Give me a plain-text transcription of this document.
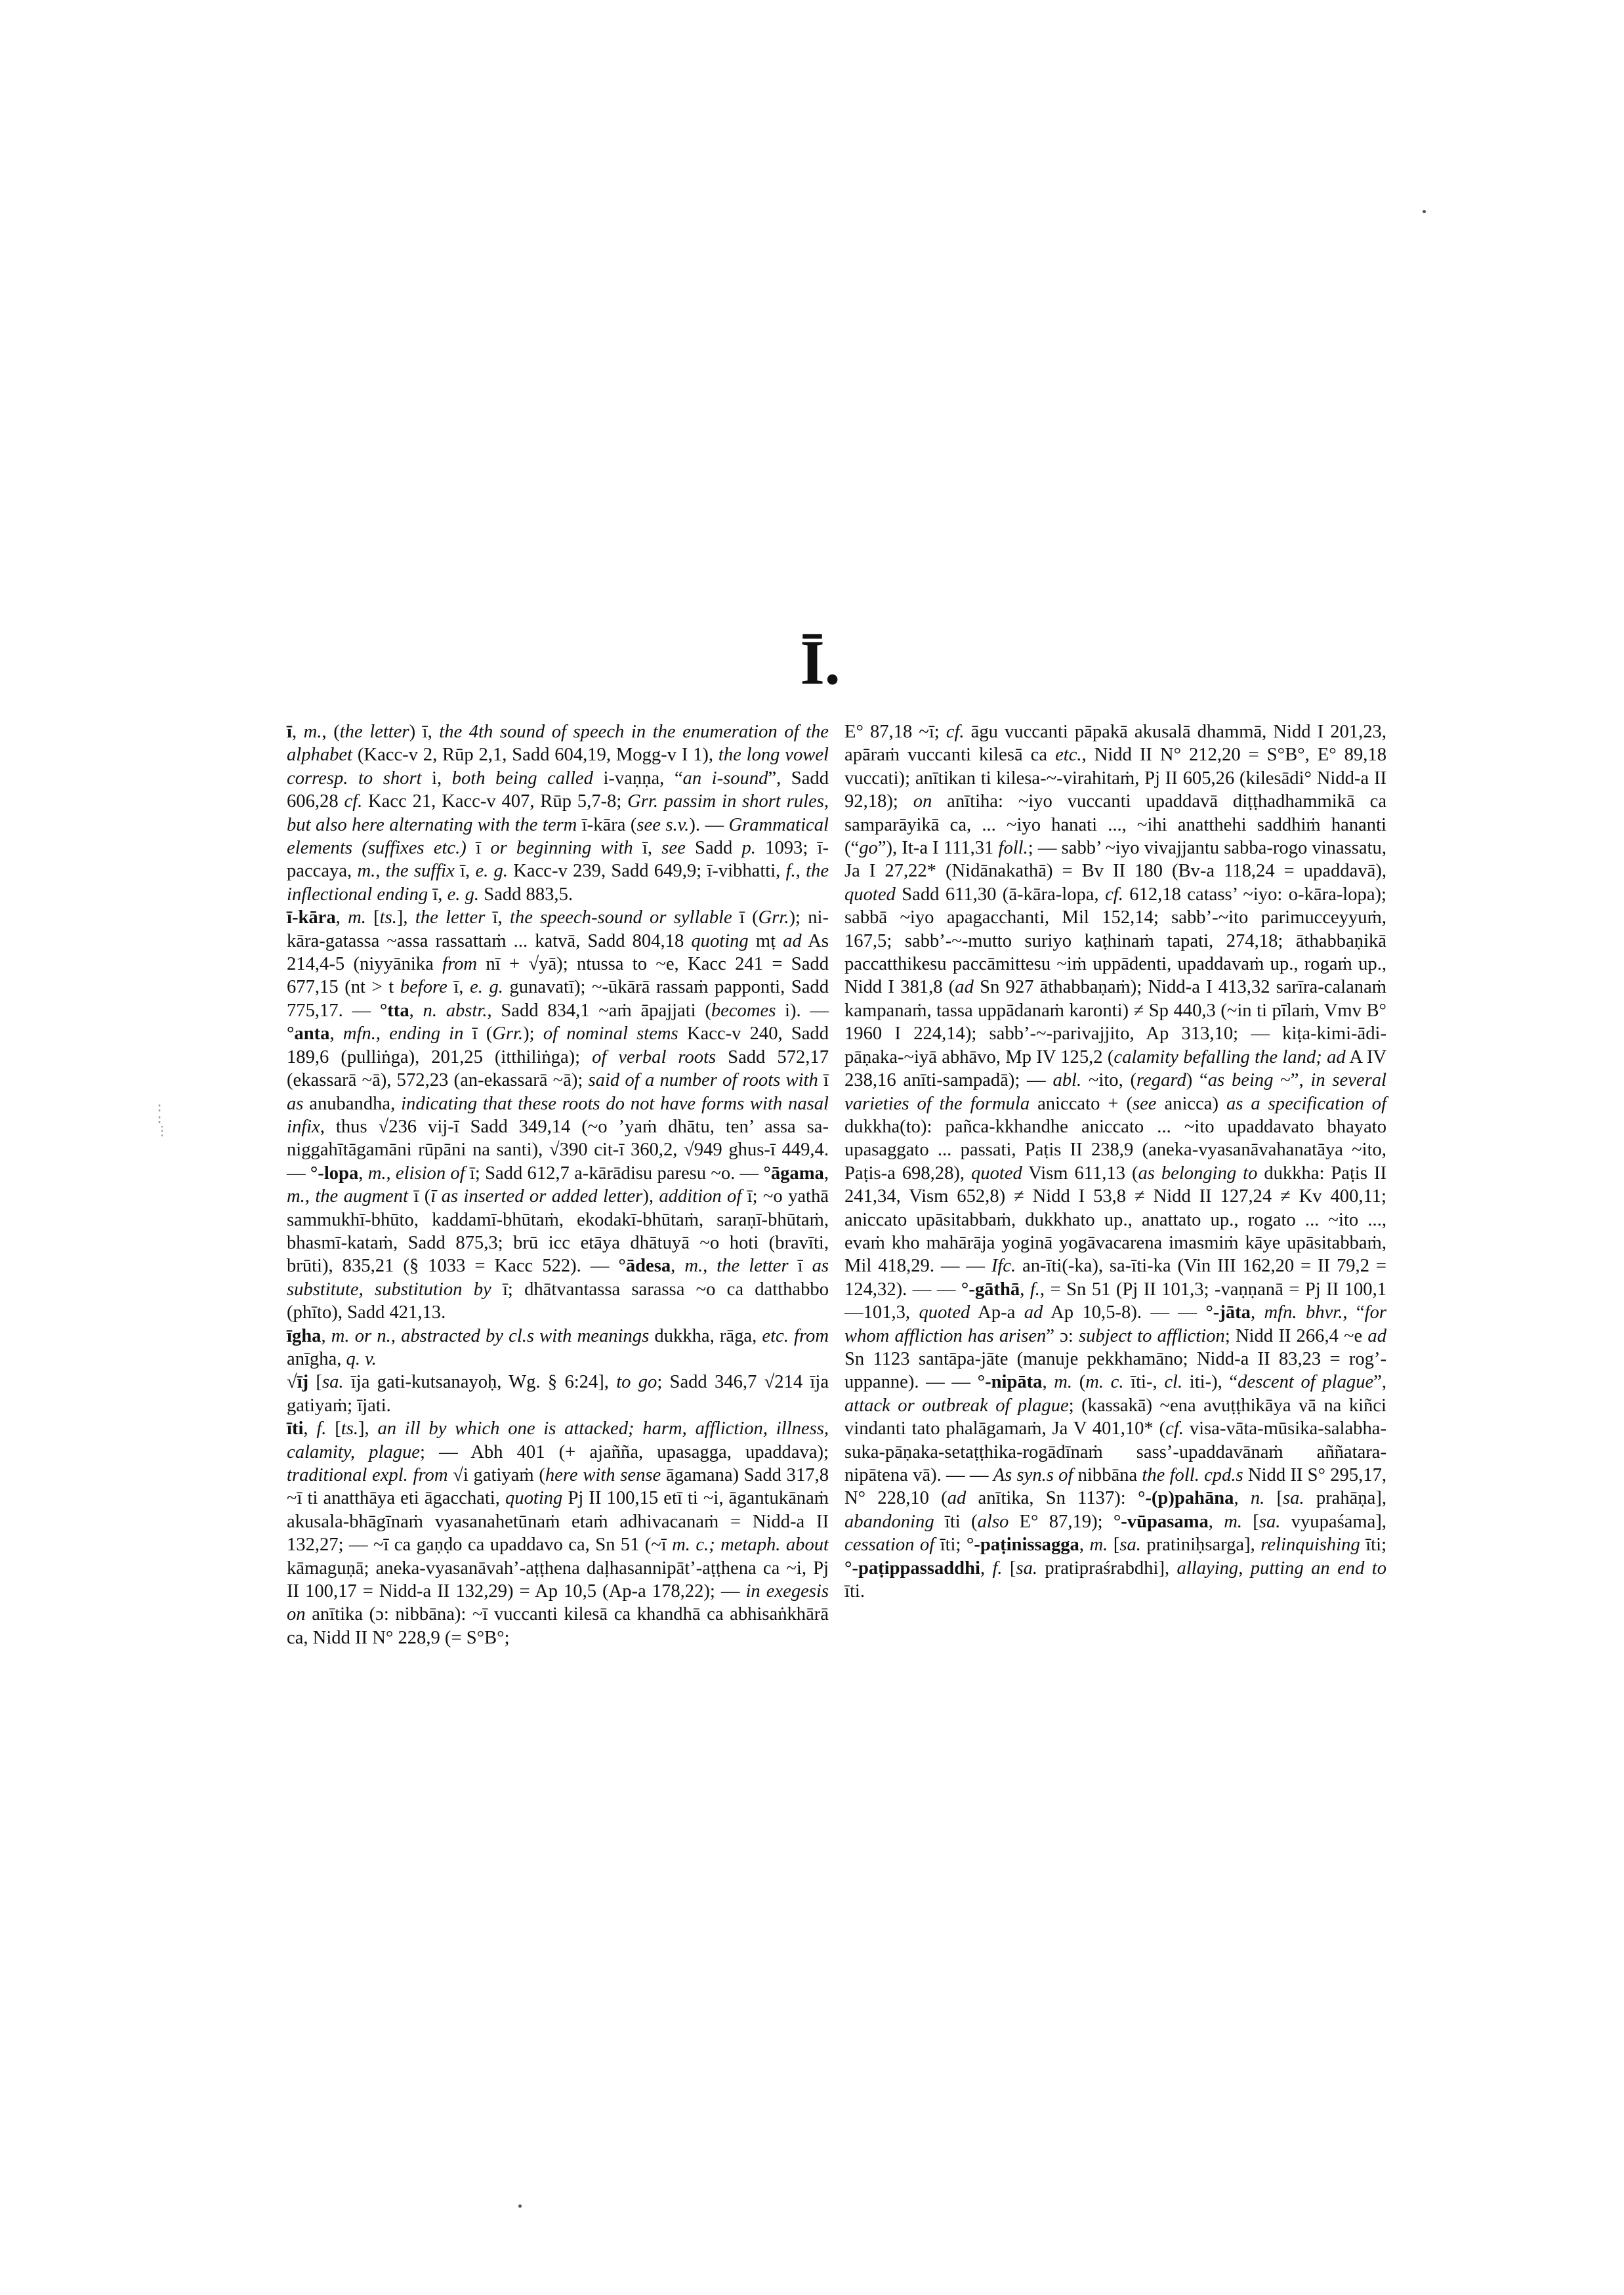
Ī.

ī, m., (the letter) ī, the 4th sound of speech in the enumeration of the alphabet (Kacc-v 2, Rūp 2,1, Sadd 604,19, Mogg-v I 1), the long vowel corresp. to short i, both being called i-vaṇṇa, “an i-sound”, Sadd 606,28 cf. Kacc 21, Kacc-v 407, Rūp 5,7-8; Grr. passim in short rules, but also here alternating with the term ī-kāra (see s.v.). — Grammatical elements (suffixes etc.) ī or beginning with ī, see Sadd p. 1093; ī-paccaya, m., the suffix ī, e. g. Kacc-v 239, Sadd 649,9; ī-vibhatti, f., the inflectional ending ī, e. g. Sadd 883,5.

ī-kāra, m. [ts.], the letter ī, the speech-sound or syllable ī (Grr.); ni-kāra-gatassa ~assa rassattaṁ ... katvā, Sadd 804,18 quoting mṭ ad As 214,4-5 (niyyānika from nī + √yā); ntussa to ~e, Kacc 241 = Sadd 677,15 (nt > t before ī, e. g. gunavatī); ~-ūkārā rassaṁ papponti, Sadd 775,17. — °tta, n. abstr., Sadd 834,1 ~aṁ āpajjati (becomes i). — °anta, mfn., ending in ī (Grr.); of nominal stems Kacc-v 240, Sadd 189,6 (pulliṅga), 201,25 (itthiliṅga); of verbal roots Sadd 572,17 (ekassarā ~ā), 572,23 (an-ekassarā ~ā); said of a number of roots with ī as anubandha, indicating that these roots do not have forms with nasal infix, thus √236 vij-ī Sadd 349,14 (~o ’yaṁ dhātu, ten’ assa sa-niggahītāgamāni rūpāni na santi), √390 cit-ī 360,2, √949 ghus-ī 449,4. — °-lopa, m., elision of ī; Sadd 612,7 a-kārādisu paresu ~o. — °āgama, m., the augment ī (ī as inserted or added letter), addition of ī; ~o yathā sammukhī-bhūto, kaddamī-bhūtaṁ, ekodakī-bhūtaṁ, saraṇī-bhūtaṁ, bhasmī-kataṁ, Sadd 875,3; brū icc etāya dhātuyā ~o hoti (bravīti, brūti), 835,21 (§ 1033 = Kacc 522). — °ādesa, m., the letter ī as substitute, substitution by ī; dhātvantassa sarassa ~o ca datthabbo (phīto), Sadd 421,13.

īgha, m. or n., abstracted by cl.s with meanings dukkha, rāga, etc. from anīgha, q. v.

√īj [sa. īja gati-kutsanayoḥ, Wg. § 6:24], to go; Sadd 346,7 √214 īja gatiyaṁ; ījati.

īti, f. [ts.], an ill by which one is attacked; harm, affliction, illness, calamity, plague; — Abh 401 (+ ajañña, upasagga, upaddava); traditional expl. from √i gatiyaṁ (here with sense āgamana) Sadd 317,8 ~ī ti anatthāya eti āgacchati, quoting Pj II 100,15 etī ti ~i, āgantukānaṁ akusala-bhāgīnaṁ vyasanahetūnaṁ etaṁ adhivacanaṁ = Nidd-a II 132,27; — ~ī ca gaṇḍo ca upaddavo ca, Sn 51 (~ī m. c.; metaph. about kāmaguṇā; aneka-vyasanāvah’-aṭṭhena daḷhasannipāt’-aṭṭhena ca ~i, Pj II 100,17 = Nidd-a II 132,29) = Ap 10,5 (Ap-a 178,22); — in exegesis on anītika (ɔ: nibbāna): ~ī vuccanti kilesā ca khandhā ca abhisaṅkhārā ca, Nidd II N° 228,9 (= S°B°;

E° 87,18 ~ī; cf. āgu vuccanti pāpakā akusalā dhammā, Nidd I 201,23, apāraṁ vuccanti kilesā ca etc., Nidd II N° 212,20 = S°B°, E° 89,18 vuccati); anītikan ti kilesa-~-virahitaṁ, Pj II 605,26 (kilesādi° Nidd-a II 92,18); on anītiha: ~iyo vuccanti upaddavā diṭṭhadhammikā ca samparāyikā ca, ... ~iyo hanati ..., ~ihi anatthehi saddhiṁ hananti (“go”), It-a I 111,31 foll.; — sabb’ ~iyo vivajjantu sabba-rogo vinassatu, Ja I 27,22* (Nidānakathā) = Bv II 180 (Bv-a 118,24 = upaddavā), quoted Sadd 611,30 (ā-kāra-lopa, cf. 612,18 catass’ ~iyo: o-kāra-lopa); sabbā ~iyo apagacchanti, Mil 152,14; sabb’-~ito parimucceyyuṁ, 167,5; sabb’-~-mutto suriyo kaṭhinaṁ tapati, 274,18; āthabbaṇikā paccatthikesu paccāmittesu ~iṁ uppādenti, upaddavaṁ up., rogaṁ up., Nidd I 381,8 (ad Sn 927 āthabbaṇaṁ); Nidd-a I 413,32 sarīra-calanaṁ kampanaṁ, tassa uppādanaṁ karonti) ≠ Sp 440,3 (~in ti pīlaṁ, Vmv B° 1960 I 224,14); sabb’-~-parivajjito, Ap 313,10; — kiṭa-kimi-ādi-pāṇaka-~iyā abhāvo, Mp IV 125,2 (calamity befalling the land; ad A IV 238,16 anīti-sampadā); — abl. ~ito, (regard) “as being ~”, in several varieties of the formula aniccato + (see anicca) as a specification of dukkha(to): pañca-kkhandhe aniccato ... ~ito upaddavato bhayato upasaggato ... passati, Paṭis II 238,9 (aneka-vyasanāvahanatāya ~ito, Paṭis-a 698,28), quoted Vism 611,13 (as belonging to dukkha: Paṭis II 241,34, Vism 652,8) ≠ Nidd I 53,8 ≠ Nidd II 127,24 ≠ Kv 400,11; aniccato upāsitabbaṁ, dukkhato up., anattato up., rogato ... ~ito ..., evaṁ kho mahārāja yoginā yogāvacarena imasmiṁ kāye upāsitabbaṁ, Mil 418,29. — — Ifc. an-īti(-ka), sa-īti-ka (Vin III 162,20 = II 79,2 = 124,32). — — °-gāthā, f., = Sn 51 (Pj II 101,3; -vaṇṇanā = Pj II 100,1—101,3, quoted Ap-a ad Ap 10,5-8). — — °-jāta, mfn. bhvr., “for whom affliction has arisen” ɔ: subject to affliction; Nidd II 266,4 ~e ad Sn 1123 santāpa-jāte (manuje pekkhamāno; Nidd-a II 83,23 = rog’-uppanne). — — °-nipāta, m. (m. c. īti-, cl. iti-), “descent of plague”, attack or outbreak of plague; (kassakā) ~ena avuṭṭhikāya vā na kiñci vindanti tato phalāgamaṁ, Ja V 401,10* (cf. visa-vāta-mūsika-salabha-suka-pāṇaka-setaṭṭhika-rogādīnaṁ sass’-upaddavānaṁ aññatara-nipātena vā). — — As syn.s of nibbāna the foll. cpd.s Nidd II S° 295,17, N° 228,10 (ad anītika, Sn 1137): °-(p)pahāna, n. [sa. prahāṇa], abandoning īti (also E° 87,19); °-vūpasama, m. [sa. vyupaśama], cessation of īti; °-paṭinissagga, m. [sa. pratiniḥsarga], relinquishing īti; °-paṭippassaddhi, f. [sa. pratipraśrabdhi], allaying, putting an end to īti.

:
:
⋮
